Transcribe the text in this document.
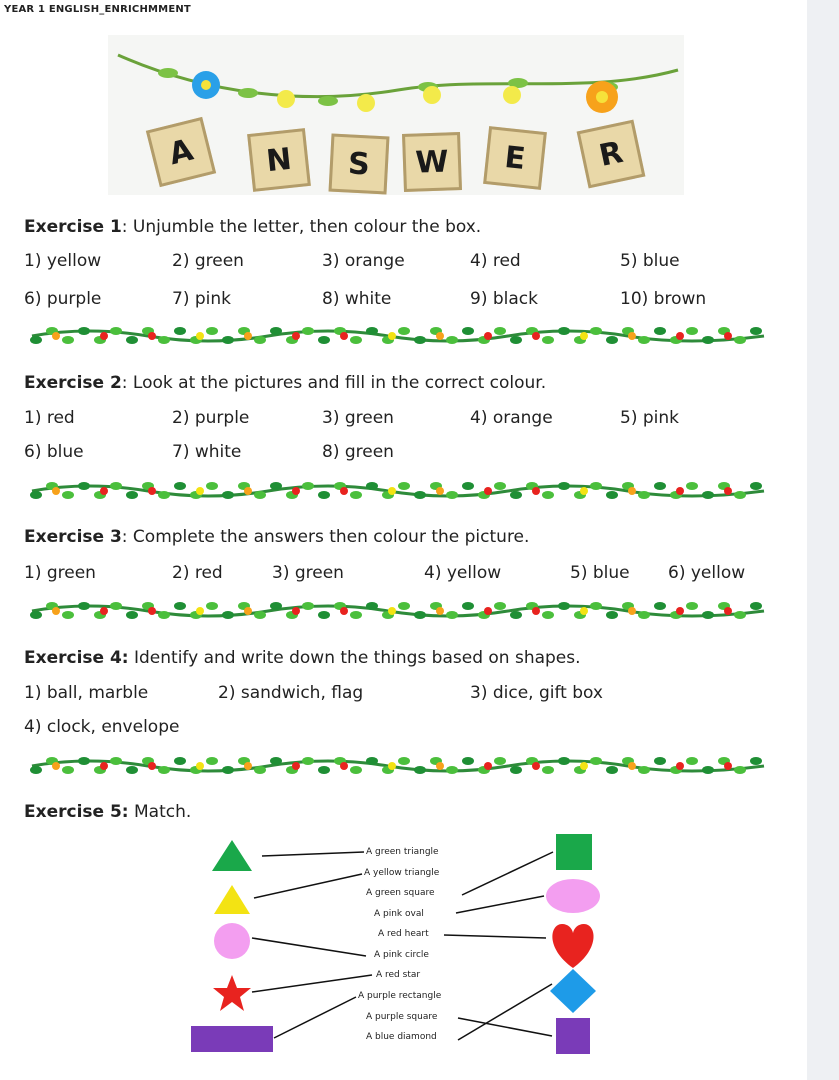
YEAR 1 ENGLISH_ENRICHMMENT
A	N	S	W	E	R
Exercise 1: Unjumble the letter, then colour the box.
1) yellow	2) green	3) orange	4) red	5) blue
6) purple	7) pink	8) white	9) black	10) brown
Exercise 2: Look at the pictures and fill in the correct colour.
1) red	2) purple	3) green	4) orange	5) pink
6) blue	7) white	8) green
Exercise 3: Complete the answers then colour the picture.
1) green	2) red	3) green	4) yellow	5) blue 6) yellow
Exercise 4: Identify and write down the things based on shapes.
1) ball, marble	2) sandwich, flag	3) dice, gift box
4) clock, envelope
Exercise 5: Match.
A green triangle
A yellow triangle
A green square
A pink oval
A red heart
A pink circle
A red star
A purple rectangle
A purple square
A blue diamond
